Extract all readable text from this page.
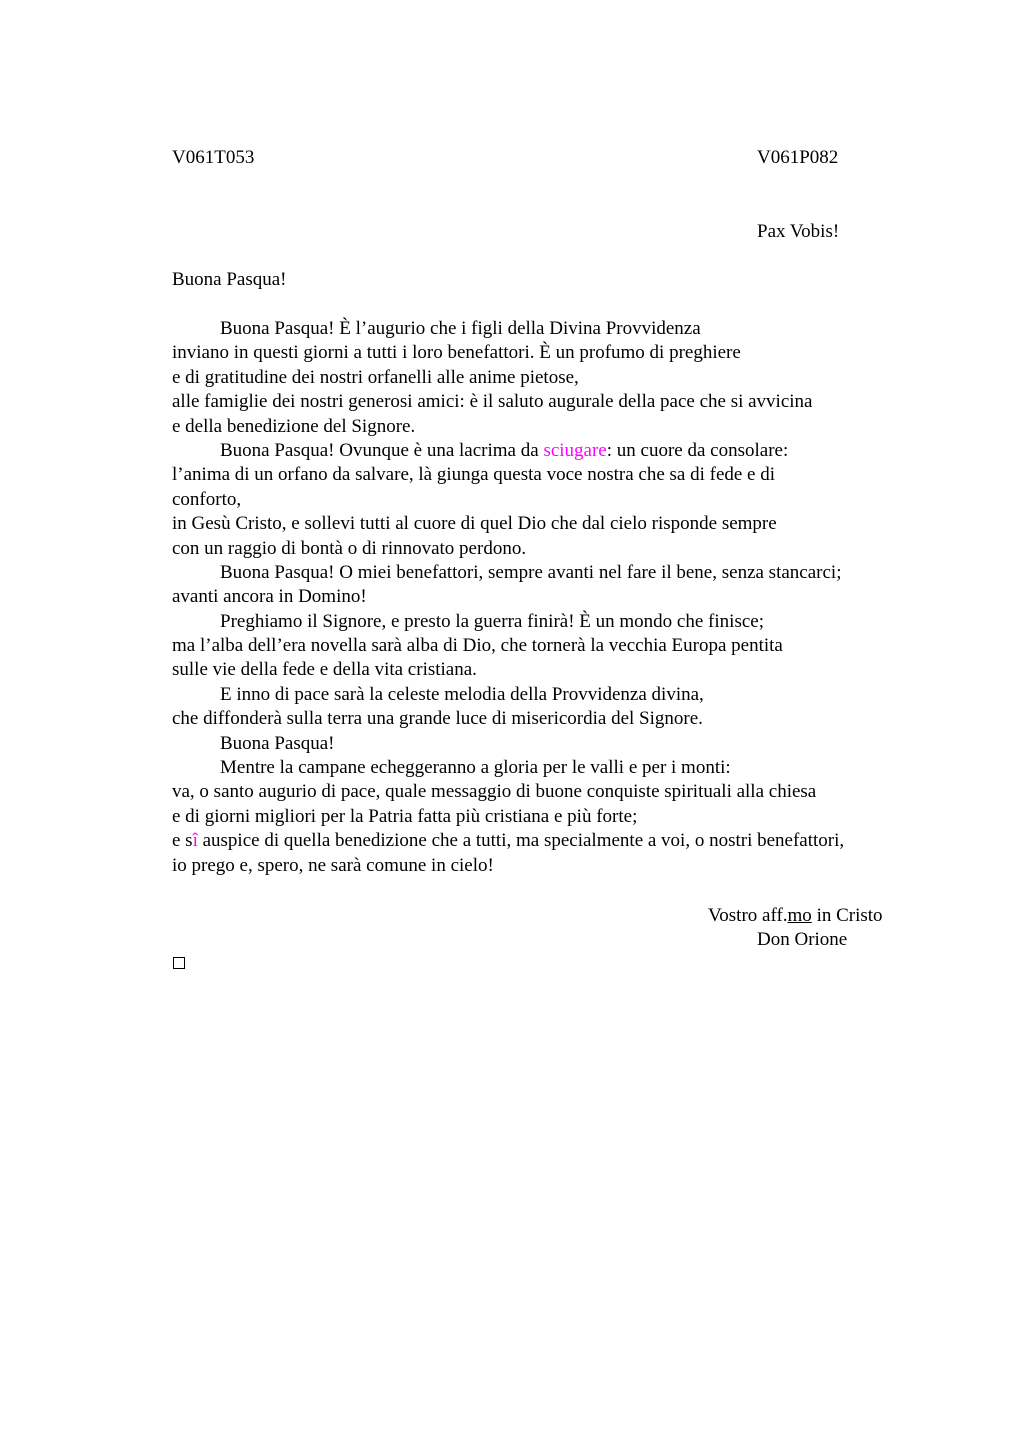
V061T053	V061P082
Pax Vobis!
Buona Pasqua!
Buona Pasqua! È l’augurio che i figli della Divina Provvidenza
inviano in questi giorni a tutti i loro benefattori. È un profumo di preghiere
e di gratitudine dei nostri orfanelli alle anime pietose,
alle famiglie dei nostri generosi amici: è il saluto augurale della pace che si avvicina
e della benedizione del Signore.
Buona Pasqua! Ovunque è una lacrima da sciugare: un cuore da consolare:
l’anima di un orfano da salvare, là giunga questa voce nostra che sa di fede e di
conforto,
in Gesù Cristo, e sollevi tutti al cuore di quel Dio che dal cielo risponde sempre
con un raggio di bontà o di rinnovato perdono.
Buona Pasqua! O miei benefattori, sempre avanti nel fare il bene, senza stancarci;
avanti ancora in Domino!
Preghiamo il Signore, e presto la guerra finirà! È un mondo che finisce;
ma l’alba dell’era novella sarà alba di Dio, che tornerà la vecchia Europa pentita
sulle vie della fede e della vita cristiana.
E inno di pace sarà la celeste melodia della Provvidenza divina,
che diffonderà sulla terra una grande luce di misericordia del Signore.
Buona Pasqua!
Mentre la campane echeggeranno a gloria per le valli e per i monti:
va, o santo augurio di pace, quale messaggio di buone conquiste spirituali alla chiesa
e di giorni migliori per la Patria fatta più cristiana e più forte;
e sî auspice di quella benedizione che a tutti, ma specialmente a voi, o nostri benefattori,
io prego e, spero, ne sarà comune in cielo!
Vostro aff.mo in Cristo
Don Orione
